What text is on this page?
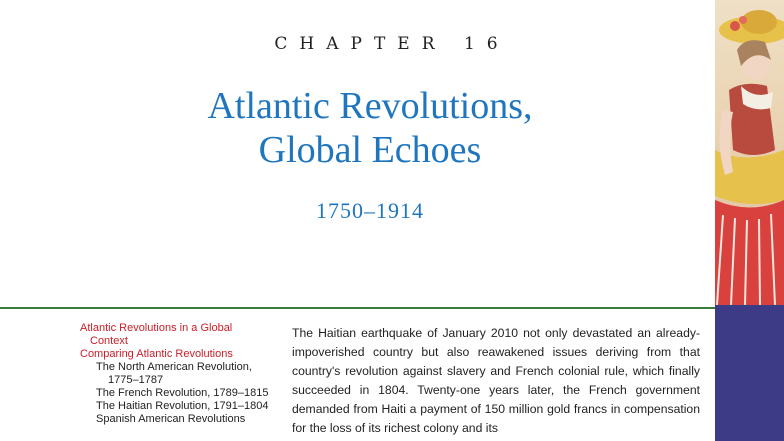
CHAPTER 16
Atlantic Revolutions,
Global Echoes
1750–1914
Atlantic Revolutions in a Global
Context
Comparing Atlantic Revolutions
The North American Revolution,
1775–1787
The French Revolution, 1789–1815
The Haitian Revolution, 1791–1804
Spanish American Revolutions
The Haitian earthquake of January 2010 not only devastated an already-impoverished country but also reawakened issues deriving from that country's revolution against slavery and French colonial rule, which finally succeeded in 1804. Twenty-one years later, the French government demanded from Haiti a payment of 150 million gold francs in compensation for the loss of its richest colony and its
